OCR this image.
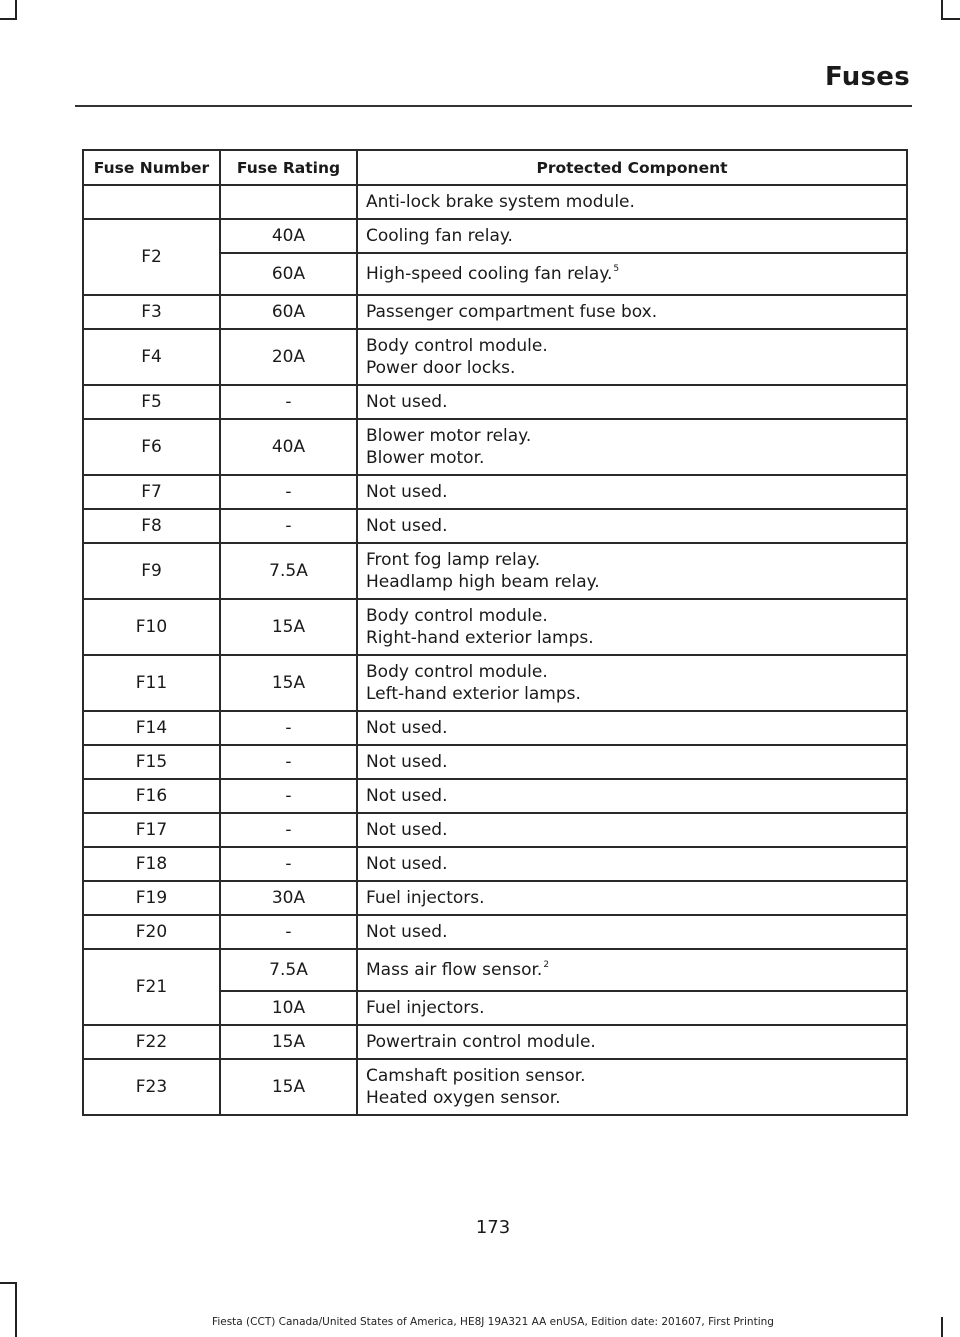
Fuses
Fuse Number	Fuse Rating	Protected Component

		Anti-lock brake system module.

F2	40A	Cooling fan relay.

	60A	High-speed cooling fan relay.$^5$
F3	60A	Passenger compartment fuse box.

F4	20A	Body control module.
Power door locks.

F5	-	Not used.

F6	40A	Blower motor relay.
Blower motor.

F7	-	Not used.

F8	-	Not used.

F9	7.5A	Front fog lamp relay.
Headlamp high beam relay.

F10	15A	Body control module.
Right-hand exterior lamps.

F11	15A	Body control module.
Left-hand exterior lamps.

F14	-	Not used.

F15	-	Not used.

F16	-	Not used.

F17	-	Not used.

F18	-	Not used.

F19	30A	Fuel injectors.

F20	-	Not used.

F21	7.5A	Mass air flow sensor.$^2$
	10A	Fuel injectors.

F22	15A	Powertrain control module.

F23	15A	Camshaft position sensor.
Heated oxygen sensor.
173
Fiesta (CCT) Canada/United States of America, HE8J 19A321 AA enUSA, Edition date: 201607, First Printing
